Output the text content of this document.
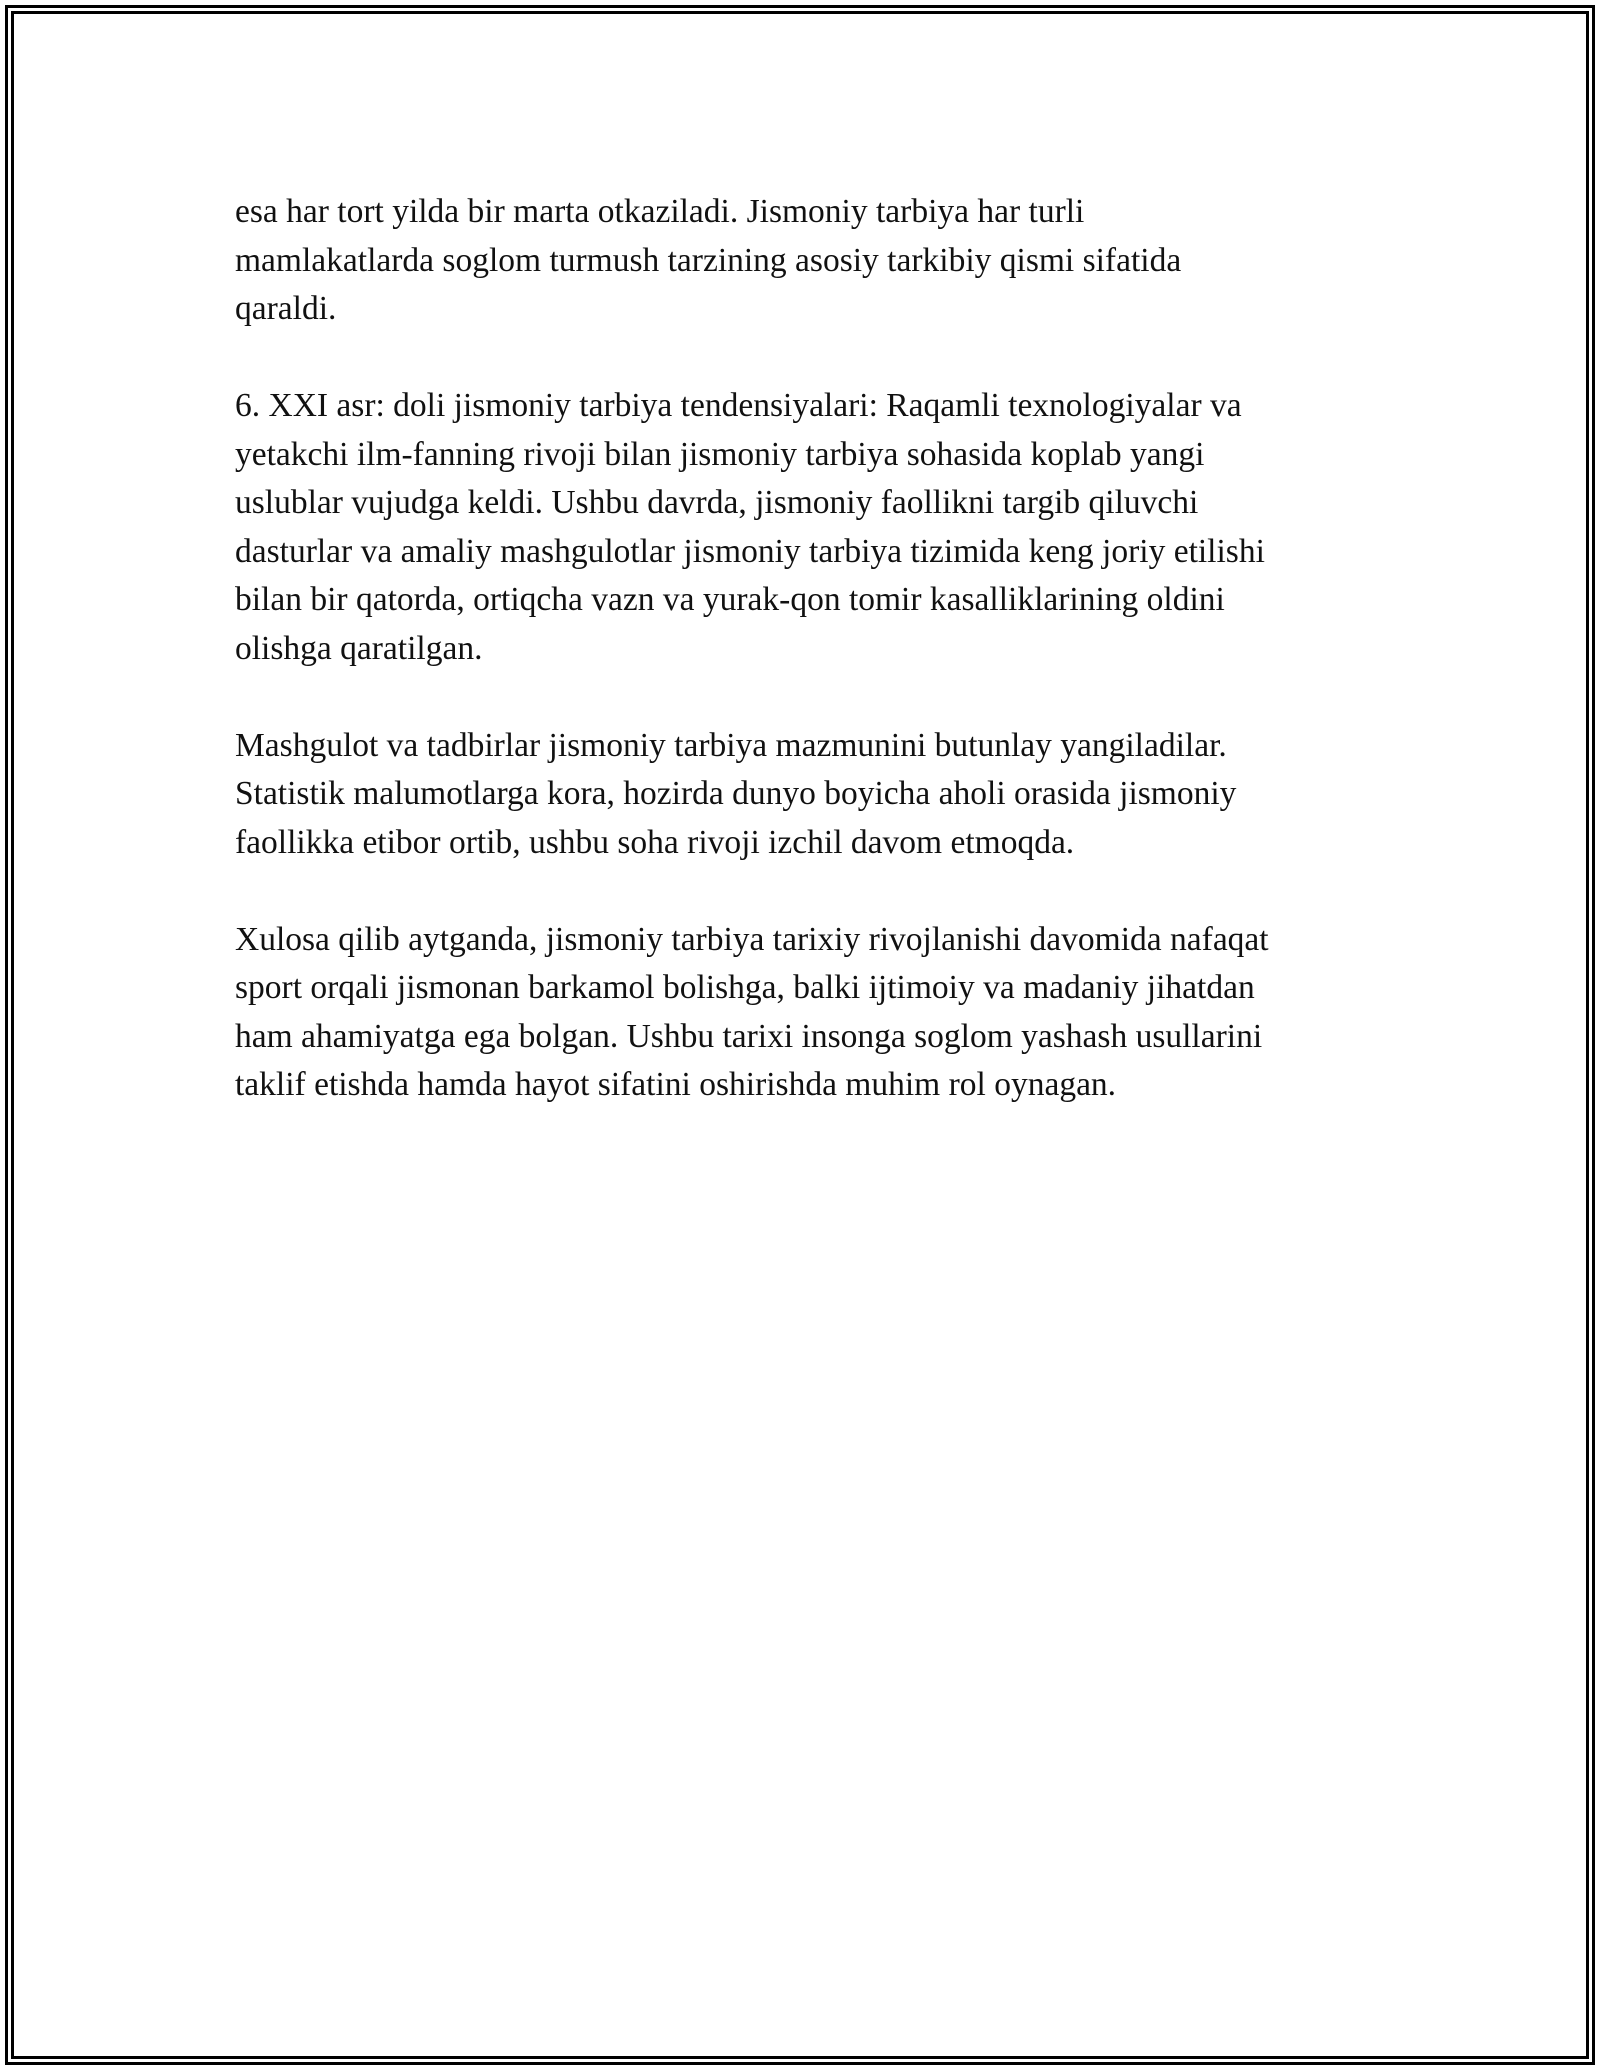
esa har tort yilda bir marta otkaziladi. Jismoniy tarbiya har turli
mamlakatlarda soglom turmush tarzining asosiy tarkibiy qismi sifatida
qaraldi.

6. XXI asr: doli jismoniy tarbiya tendensiyalari: Raqamli texnologiyalar va
yetakchi ilm-fanning rivoji bilan jismoniy tarbiya sohasida koplab yangi
uslublar vujudga keldi. Ushbu davrda, jismoniy faollikni targib qiluvchi
dasturlar va amaliy mashgulotlar jismoniy tarbiya tizimida keng joriy etilishi
bilan bir qatorda, ortiqcha vazn va yurak-qon tomir kasalliklarining oldini
olishga qaratilgan.

Mashgulot va tadbirlar jismoniy tarbiya mazmunini butunlay yangiladilar.
Statistik malumotlarga kora, hozirda dunyo boyicha aholi orasida jismoniy
faollikka etibor ortib, ushbu soha rivoji izchil davom etmoqda.

Xulosa qilib aytganda, jismoniy tarbiya tarixiy rivojlanishi davomida nafaqat
sport orqali jismonan barkamol bolishga, balki ijtimoiy va madaniy jihatdan
ham ahamiyatga ega bolgan. Ushbu tarixi insonga soglom yashash usullarini
taklif etishda hamda hayot sifatini oshirishda muhim rol oynagan.
